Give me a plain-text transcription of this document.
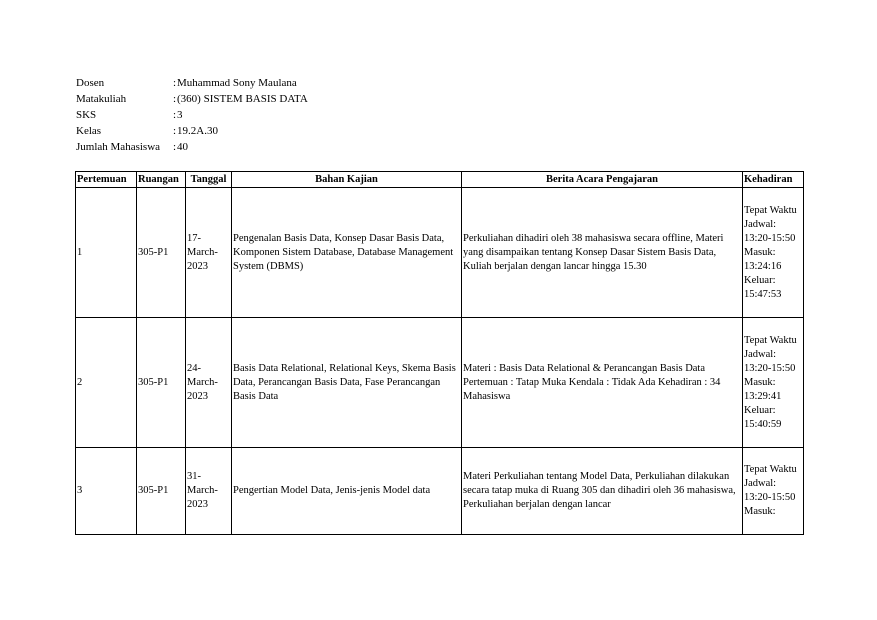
Dosen	: Muhammad Sony Maulana
Matakuliah	: (360) SISTEM BASIS DATA
SKS	: 3
Kelas	: 19.2A.30
Jumlah Mahasiswa	: 40
Pertemuan	Ruangan	Tanggal	Bahan Kajian	Berita Acara Pengajaran	Kehadiran
1	305-P1	17-March-2023	Pengenalan Basis Data, Konsep Dasar Basis Data, Komponen Sistem Database, Database Management System (DBMS)	Perkuliahan dihadiri oleh 38 mahasiswa secara offline, Materi yang disampaikan tentang Konsep Dasar Sistem Basis Data, Kuliah berjalan dengan lancar hingga 15.30	Tepat Waktu Jadwal: 13:20-15:50 Masuk: 13:24:16 Keluar: 15:47:53
2	305-P1	24-March-2023	Basis Data Relational, Relational Keys, Skema Basis Data, Perancangan Basis Data, Fase Perancangan Basis Data	Materi : Basis Data Relational & Perancangan Basis Data Pertemuan : Tatap Muka Kendala : Tidak Ada Kehadiran : 34 Mahasiswa	Tepat Waktu Jadwal: 13:20-15:50 Masuk: 13:29:41 Keluar: 15:40:59
3	305-P1	31-March-2023	Pengertian Model Data, Jenis-jenis Model data	Materi Perkuliahan tentang Model Data, Perkuliahan dilakukan secara tatap muka di Ruang 305 dan dihadiri oleh 36 mahasiswa, Perkuliahan berjalan dengan lancar	Tepat Waktu Jadwal: 13:20-15:50 Masuk:
